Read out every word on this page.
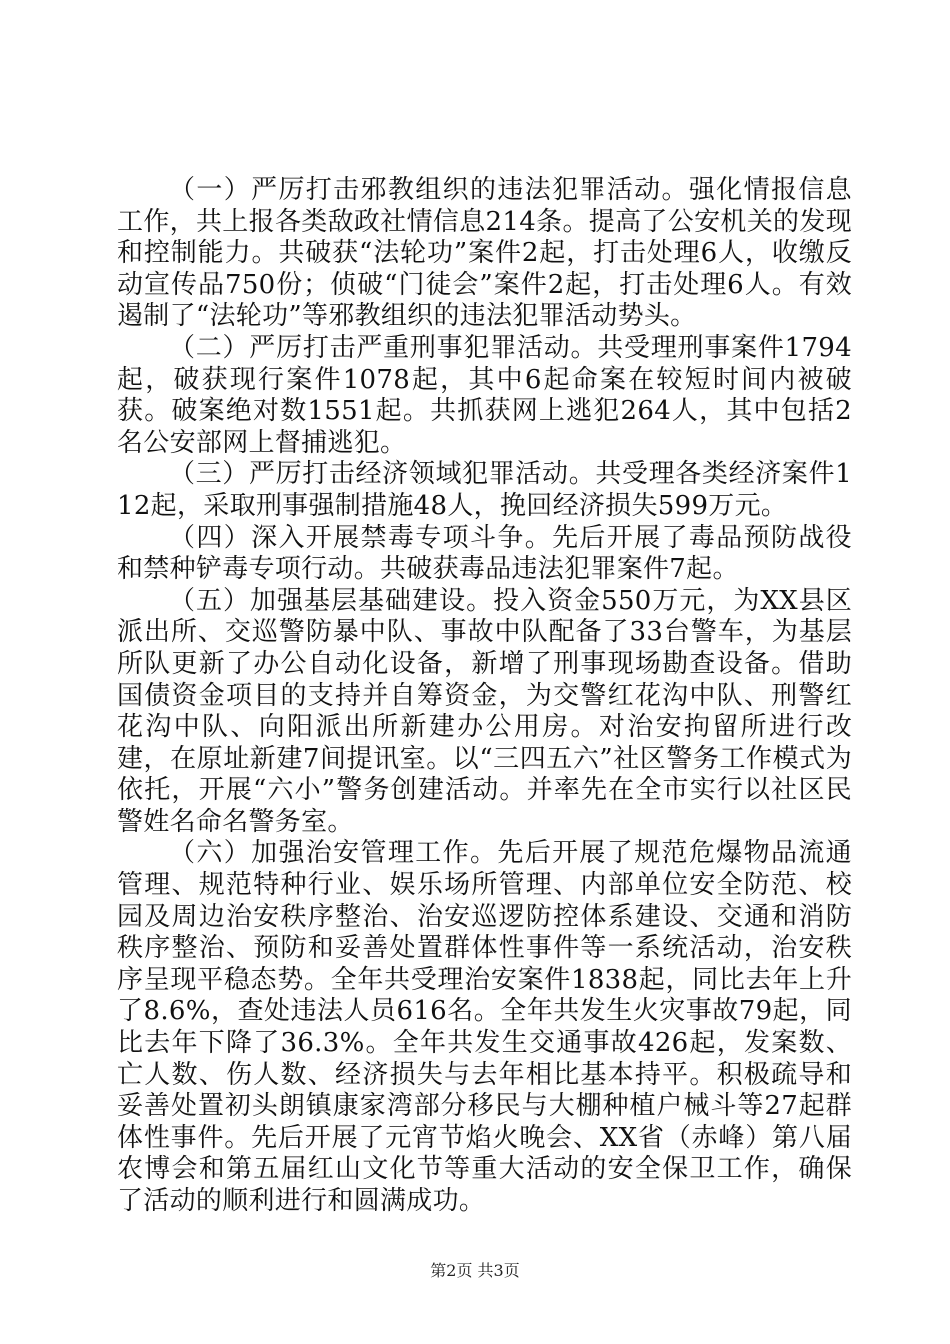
（一）严厉打击邪教组织的违法犯罪活动。强化情报信息工作，共上报各类敌政社情信息214条。提高了公安机关的发现和控制能力。共破获“法轮功”案件2起，打击处理6人，收缴反动宣传品750份；侦破“门徒会”案件2起，打击处理6人。有效遏制了“法轮功”等邪教组织的违法犯罪活动势头。

（二）严厉打击严重刑事犯罪活动。共受理刑事案件1794起，破获现行案件1078起，其中6起命案在较短时间内被破获。破案绝对数1551起。共抓获网上逃犯264人，其中包括2名公安部网上督捕逃犯。

（三）严厉打击经济领域犯罪活动。共受理各类经济案件112起，采取刑事强制措施48人，挽回经济损失599万元。

（四）深入开展禁毒专项斗争。先后开展了毒品预防战役和禁种铲毒专项行动。共破获毒品违法犯罪案件7起。

（五）加强基层基础建设。投入资金550万元，为XX县区派出所、交巡警防暴中队、事故中队配备了33台警车，为基层所队更新了办公自动化设备，新增了刑事现场勘查设备。借助国债资金项目的支持并自筹资金，为交警红花沟中队、刑警红花沟中队、向阳派出所新建办公用房。对治安拘留所进行改建，在原址新建7间提讯室。以“三四五六”社区警务工作模式为依托，开展“六小”警务创建活动。并率先在全市实行以社区民警姓名命名警务室。

（六）加强治安管理工作。先后开展了规范危爆物品流通管理、规范特种行业、娱乐场所管理、内部单位安全防范、校园及周边治安秩序整治、治安巡逻防控体系建设、交通和消防秩序整治、预防和妥善处置群体性事件等一系统活动，治安秩序呈现平稳态势。全年共受理治安案件1838起，同比去年上升了8.6%，查处违法人员616名。全年共发生火灾事故79起，同比去年下降了36.3%。全年共发生交通事故426起，发案数、亡人数、伤人数、经济损失与去年相比基本持平。积极疏导和妥善处置初头朗镇康家湾部分移民与大棚种植户械斗等27起群体性事件。先后开展了元宵节焰火晚会、XX省（赤峰）第八届农博会和第五届红山文化节等重大活动的安全保卫工作，确保了活动的顺利进行和圆满成功。

第2页 共3页
